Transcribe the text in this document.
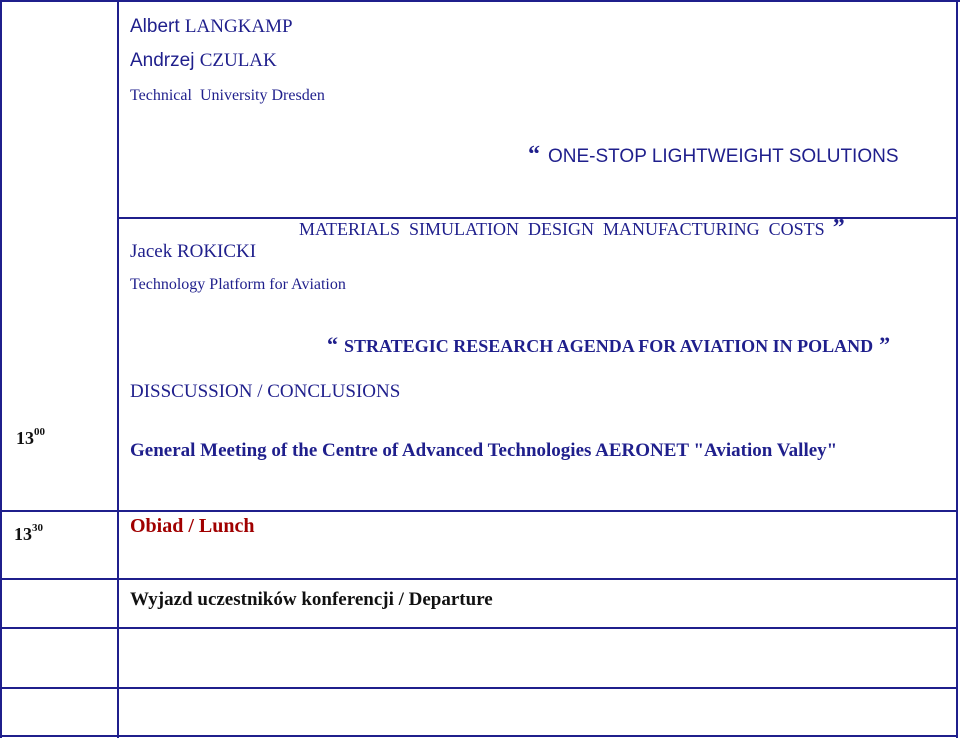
Albert LANGKAMP
Andrzej CZULAK
Technical  University Dresden
“ ONE-STOP LIGHTWEIGHT SOLUTIONS

MATERIALS  SIMULATION  DESIGN  MANUFACTURING  COSTS ”

Jacek ROKICKI
Technology Platform for Aviation
“ STRATEGIC RESEARCH AGENDA FOR AVIATION IN POLAND ”
DISSCUSSION / CONCLUSIONS
$13^{00}$
General Meeting of the Centre of Advanced Technologies AERONET "Aviation Valley"
$13^{30}$	Obiad / Lunch
Wyjazd uczestników konferencji / Departure
